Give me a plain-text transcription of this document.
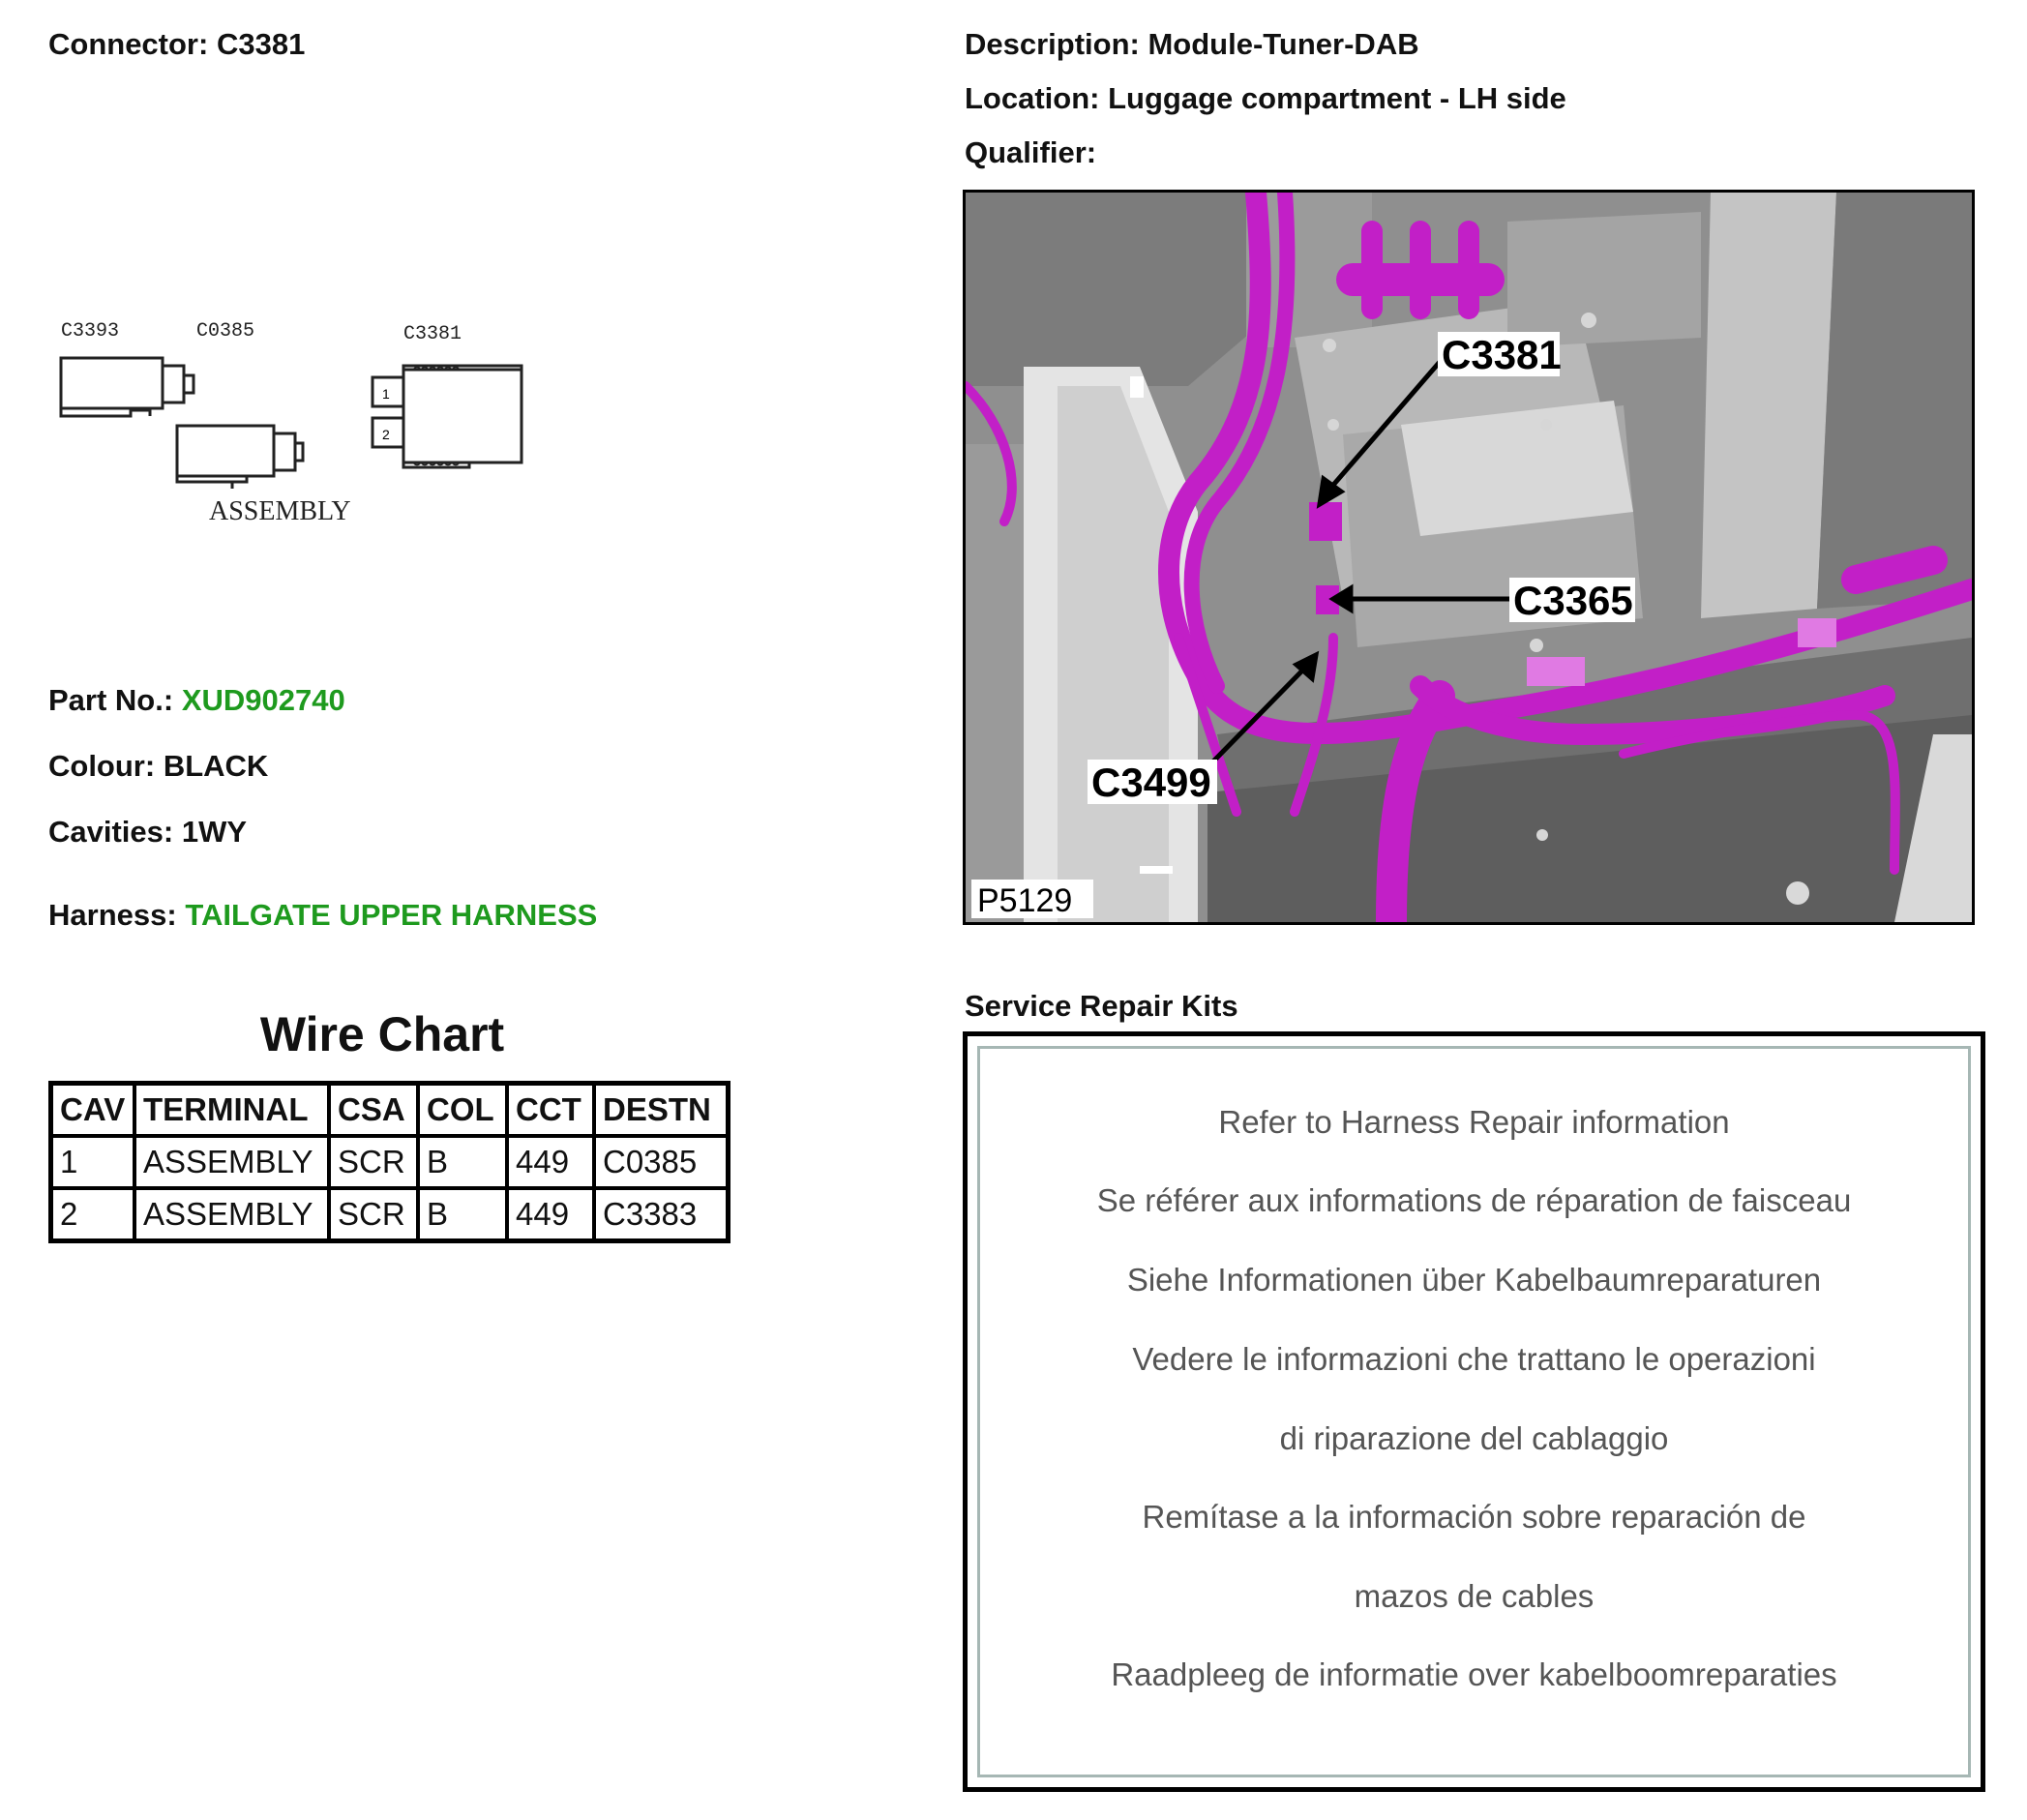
Connector: C3381	Description: Module-Tuner-DAB
Location: Luggage compartment - LH side
Qualifier:
1
2
C3393	C0385	C3381
ASSEMBLY
Part No.: XUD902740
Colour: BLACK
Cavities: 1WY
Harness: TAILGATE UPPER HARNESS
Wire Chart
CAV	TERMINAL	CSA	COL	CCT	DESTN
1	ASSEMBLY	SCR	B	449	C0385
2	ASSEMBLY	SCR	B	449	C3383
C3381
C3365
C3499
P5129
Service Repair Kits
Refer to Harness Repair information
Se référer aux informations de réparation de faisceau
Siehe Informationen über Kabelbaumreparaturen
Vedere le informazioni che trattano le operazioni
di riparazione del cablaggio
Remítase a la información sobre reparación de
mazos de cables
Raadpleeg de informatie over kabelboomreparaties
